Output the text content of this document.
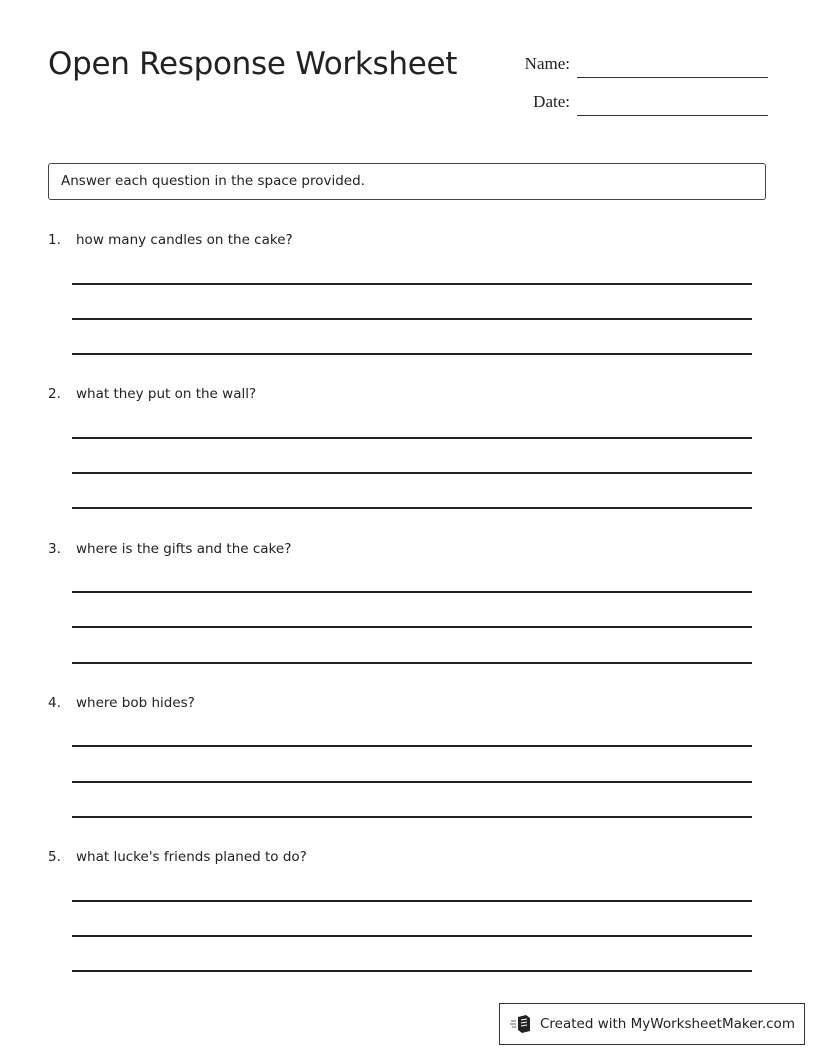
Open Response Worksheet	Name:
Date:
Answer each question in the space provided.
1. how many candles on the cake?
2. what they put on the wall?
3. where is the gifts and the cake?
4. where bob hides?
5. what lucke's friends planed to do?
Created with MyWorksheetMaker.com
